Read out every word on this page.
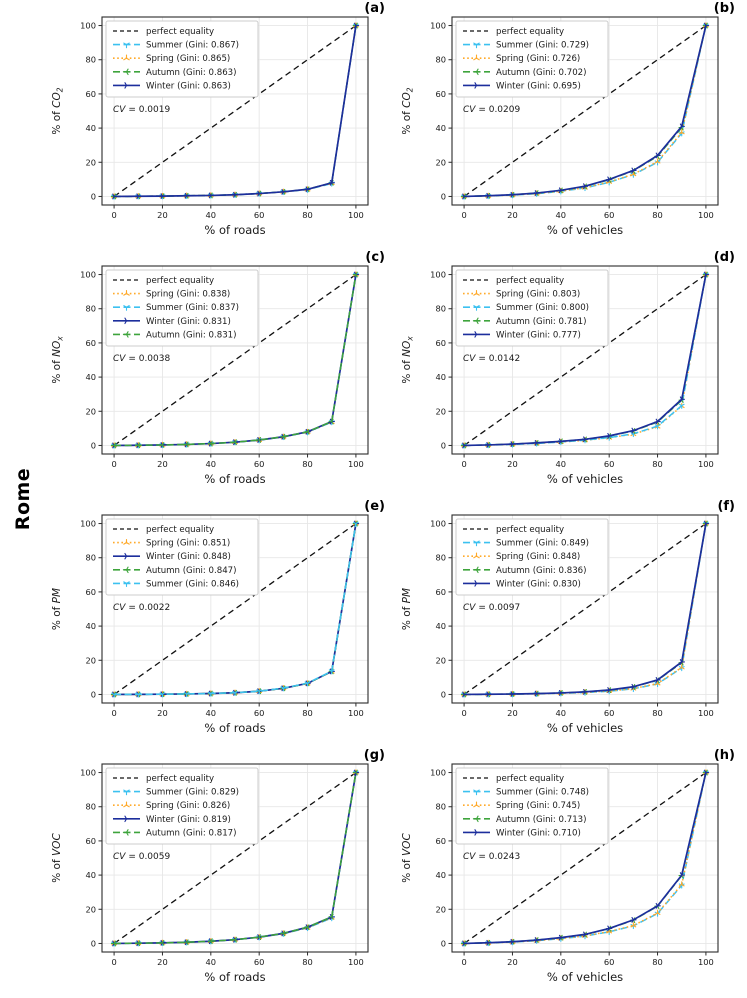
Rome
0	20	40	60	80	100
0
20
40
60
80
100
% of roads
% of $CO_2$
(a)
perfect equality
Summer (Gini: 0.867)
Spring (Gini: 0.865)
Autumn (Gini: 0.863)
Winter (Gini: 0.863)
CV = 0.0019
0	20	40	60	80	100
0
20
40
60
80
100
% of vehicles
% of $CO_2$
(b)
perfect equality
Summer (Gini: 0.729)
Spring (Gini: 0.726)
Autumn (Gini: 0.702)
Winter (Gini: 0.695)
CV = 0.0209
0	20	40	60	80	100
0
20
40
60
80
100
% of roads
% of $NO_x$
(c)
perfect equality
Spring (Gini: 0.838)
Summer (Gini: 0.837)
Winter (Gini: 0.831)
Autumn (Gini: 0.831)
CV = 0.0038
0	20	40	60	80	100
0
20
40
60
80
100
% of vehicles
% of $NO_x$
(d)
perfect equality
Spring (Gini: 0.803)
Summer (Gini: 0.800)
Autumn (Gini: 0.781)
Winter (Gini: 0.777)
CV = 0.0142
0	20	40	60	80	100
0
20
40
60
80
100
% of roads
% of PM
(e)
perfect equality
Spring (Gini: 0.851)
Winter (Gini: 0.848)
Autumn (Gini: 0.847)
Summer (Gini: 0.846)
CV = 0.0022
0	20	40	60	80	100
0
20
40
60
80
100
% of vehicles
% of PM
(f)
perfect equality
Summer (Gini: 0.849)
Spring (Gini: 0.848)
Autumn (Gini: 0.836)
Winter (Gini: 0.830)
CV = 0.0097
0	20	40	60	80	100
0
20
40
60
80
100
% of roads
% of VOC
(g)
perfect equality
Summer (Gini: 0.829)
Spring (Gini: 0.826)
Winter (Gini: 0.819)
Autumn (Gini: 0.817)
CV = 0.0059
0	20	40	60	80	100
0
20
40
60
80
100
% of vehicles
% of VOC
(h)
perfect equality
Summer (Gini: 0.748)
Spring (Gini: 0.745)
Autumn (Gini: 0.713)
Winter (Gini: 0.710)
CV = 0.0243
